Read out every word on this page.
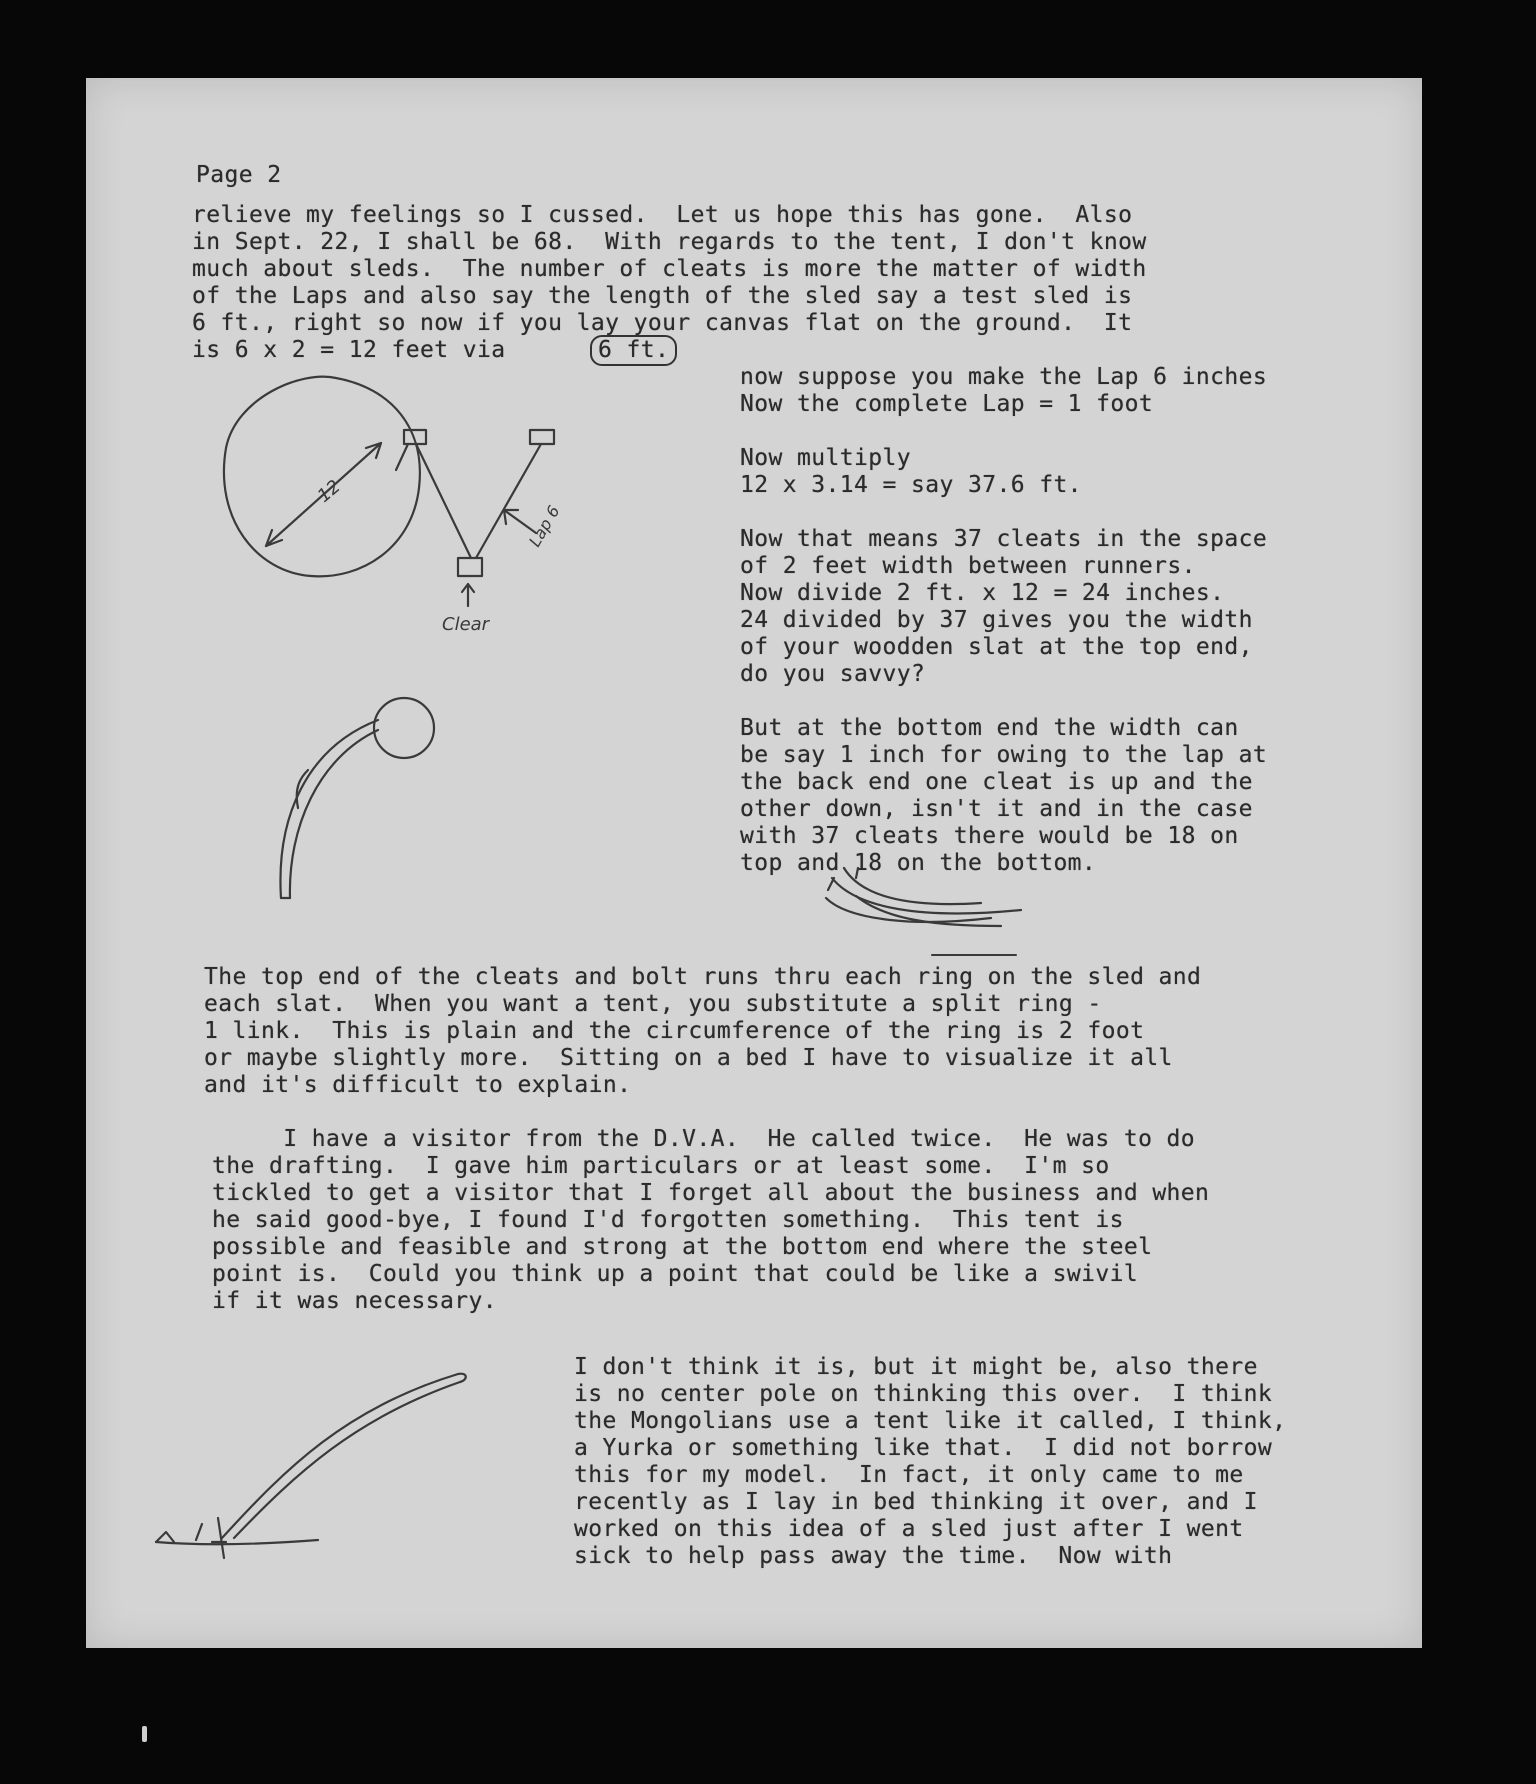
Page 2
relieve my feelings so I cussed.  Let us hope this has gone.  Also
in Sept. 22, I shall be 68.  With regards to the tent, I don't know
much about sleds.  The number of cleats is more the matter of width
of the Laps and also say the length of the sled say a test sled is
6 ft., right so now if you lay your canvas flat on the ground.  It
is 6 x 2 = 12 feet via	6 ft.
now suppose you make the Lap 6 inches
Now the complete Lap = 1 foot
Now multiply
12 x 3.14 = say 37.6 ft.
Now that means 37 cleats in the space
of 2 feet width between runners.
Now divide 2 ft. x 12 = 24 inches.
24 divided by 37 gives you the width
of your woodden slat at the top end,
do you savvy?
But at the bottom end the width can
be say 1 inch for owing to the lap at
the back end one cleat is up and the
other down, isn't it and in the case
with 37 cleats there would be 18 on
top and 18 on the bottom.
The top end of the cleats and bolt runs thru each ring on the sled and
each slat.  When you want a tent, you substitute a split ring -
1 link.  This is plain and the circumference of the ring is 2 foot
or maybe slightly more.  Sitting on a bed I have to visualize it all
and it's difficult to explain.
I have a visitor from the D.V.A.  He called twice.  He was to do
the drafting.  I gave him particulars or at least some.  I'm so
tickled to get a visitor that I forget all about the business and when
he said good-bye, I found I'd forgotten something.  This tent is
possible and feasible and strong at the bottom end where the steel
point is.  Could you think up a point that could be like a swivil
if it was necessary.
I don't think it is, but it might be, also there
is no center pole on thinking this over.  I think
the Mongolians use a tent like it called, I think,
a Yurka or something like that.  I did not borrow
this for my model.  In fact, it only came to me
recently as I lay in bed thinking it over, and I
worked on this idea of a sled just after I went
sick to help pass away the time.  Now with
12
Lap 6
Clear
